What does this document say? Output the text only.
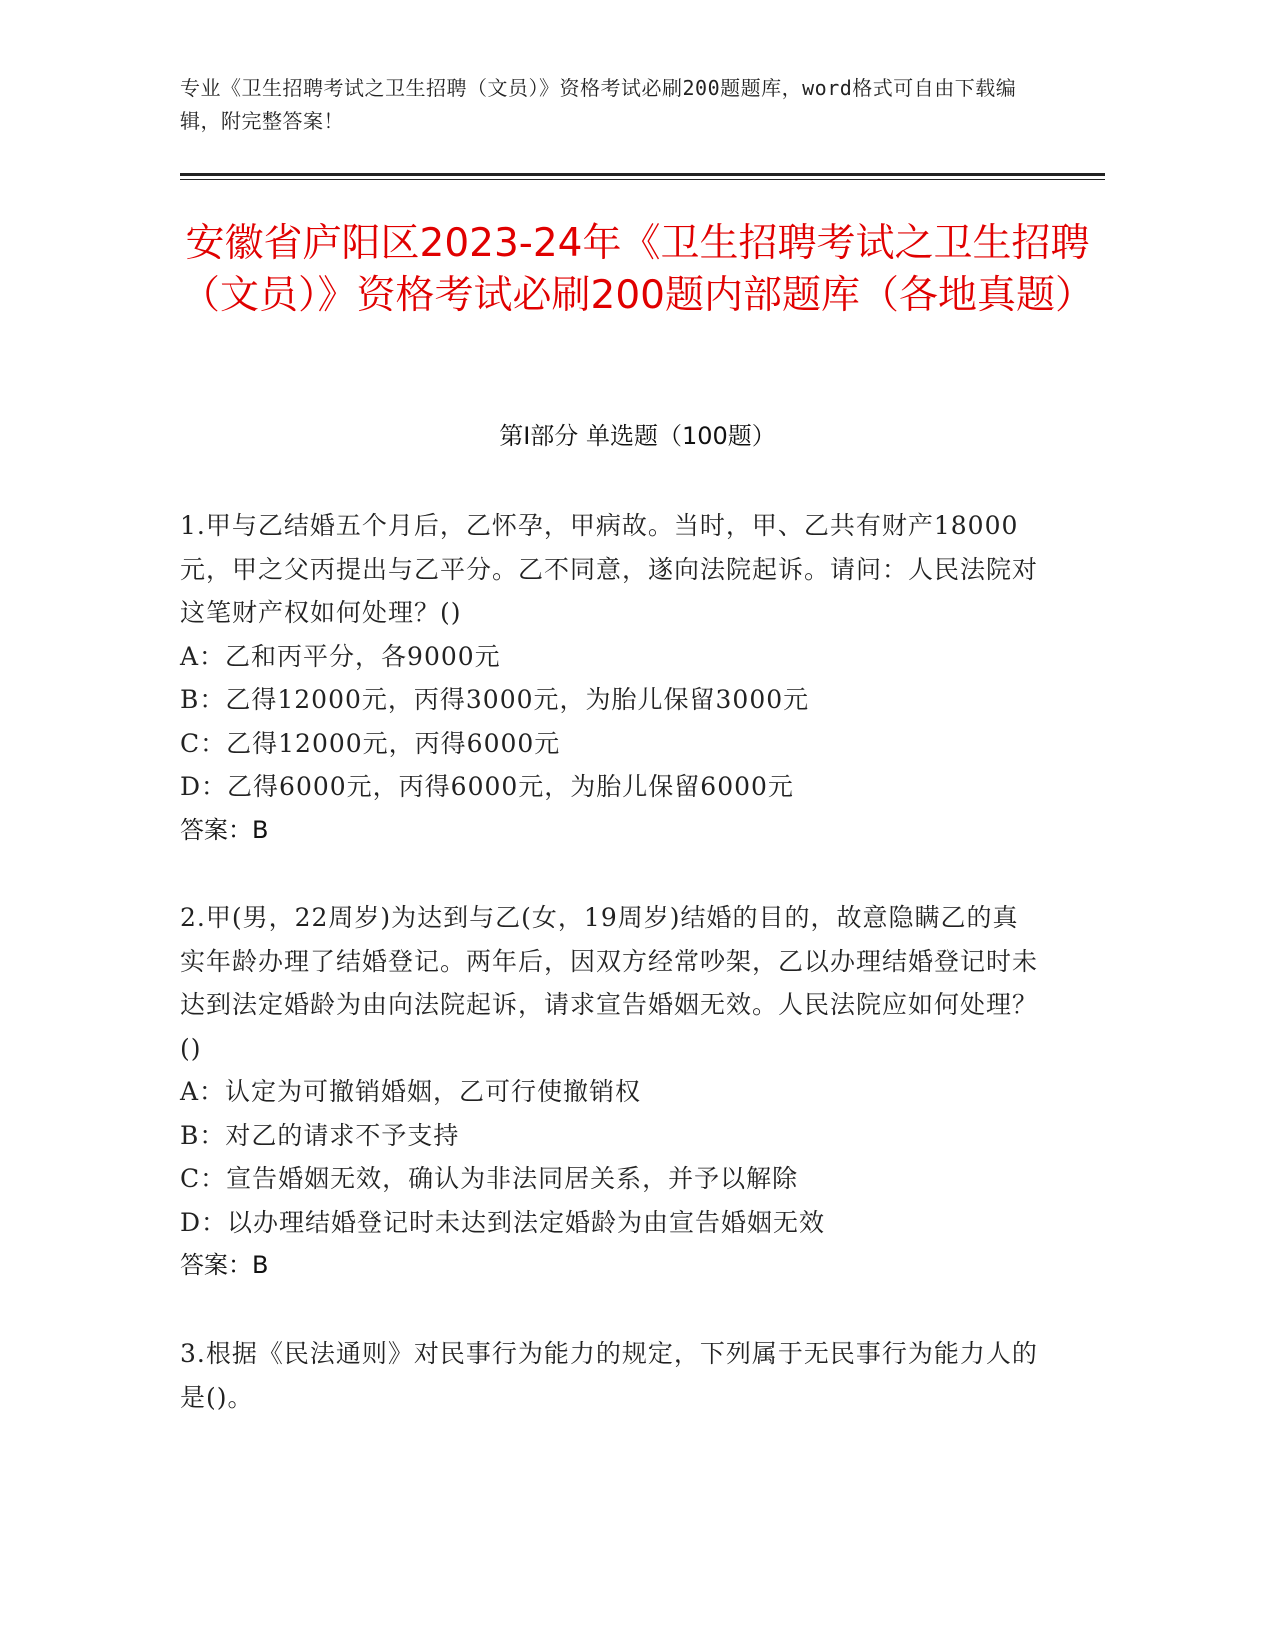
专业《卫生招聘考试之卫生招聘（文员）》资格考试必刷200题题库，word格式可自由下载编辑，附完整答案！
安徽省庐阳区2023-24年《卫生招聘考试之卫生招聘（文员）》资格考试必刷200题内部题库（各地真题）
第I部分 单选题（100题）

1.甲与乙结婚五个月后，乙怀孕，甲病故。当时，甲、乙共有财产18000元，甲之父丙提出与乙平分。乙不同意，遂向法院起诉。请问：人民法院对这笔财产权如何处理？()

A：乙和丙平分，各9000元

B：乙得12000元，丙得3000元，为胎儿保留3000元

C：乙得12000元，丙得6000元

D：乙得6000元，丙得6000元，为胎儿保留6000元

答案：B

2.甲(男，22周岁)为达到与乙(女，19周岁)结婚的目的，故意隐瞒乙的真实年龄办理了结婚登记。两年后，因双方经常吵架，乙以办理结婚登记时未达到法定婚龄为由向法院起诉，请求宣告婚姻无效。人民法院应如何处理？()

A：认定为可撤销婚姻，乙可行使撤销权

B：对乙的请求不予支持

C：宣告婚姻无效，确认为非法同居关系，并予以解除

D：以办理结婚登记时未达到法定婚龄为由宣告婚姻无效

答案：B

3.根据《民法通则》对民事行为能力的规定，下列属于无民事行为能力人的是()。
